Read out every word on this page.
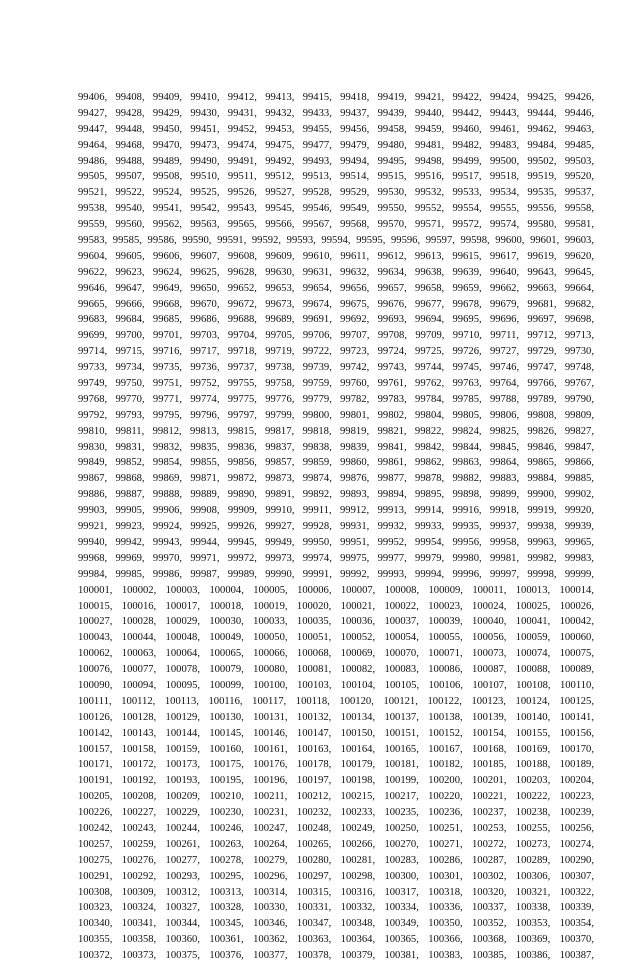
99406, 99408, 99409, 99410, 99412, 99413, 99415, 99418, 99419, 99421, 99422, 99424, 99425, 99426,
99427, 99428, 99429, 99430, 99431, 99432, 99433, 99437, 99439, 99440, 99442, 99443, 99444, 99446,
99447, 99448, 99450, 99451, 99452, 99453, 99455, 99456, 99458, 99459, 99460, 99461, 99462, 99463,
99464, 99468, 99470, 99473, 99474, 99475, 99477, 99479, 99480, 99481, 99482, 99483, 99484, 99485,
99486, 99488, 99489, 99490, 99491, 99492, 99493, 99494, 99495, 99498, 99499, 99500, 99502, 99503,
99505, 99507, 99508, 99510, 99511, 99512, 99513, 99514, 99515, 99516, 99517, 99518, 99519, 99520,
99521, 99522, 99524, 99525, 99526, 99527, 99528, 99529, 99530, 99532, 99533, 99534, 99535, 99537,
99538, 99540, 99541, 99542, 99543, 99545, 99546, 99549, 99550, 99552, 99554, 99555, 99556, 99558,
99559, 99560, 99562, 99563, 99565, 99566, 99567, 99568, 99570, 99571, 99572, 99574, 99580, 99581,
99583, 99585, 99586, 99590, 99591, 99592, 99593, 99594, 99595, 99596, 99597, 99598, 99600, 99601, 99603,
99604, 99605, 99606, 99607, 99608, 99609, 99610, 99611, 99612, 99613, 99615, 99617, 99619, 99620,
99622, 99623, 99624, 99625, 99628, 99630, 99631, 99632, 99634, 99638, 99639, 99640, 99643, 99645,
99646, 99647, 99649, 99650, 99652, 99653, 99654, 99656, 99657, 99658, 99659, 99662, 99663, 99664,
99665, 99666, 99668, 99670, 99672, 99673, 99674, 99675, 99676, 99677, 99678, 99679, 99681, 99682,
99683, 99684, 99685, 99686, 99688, 99689, 99691, 99692, 99693, 99694, 99695, 99696, 99697, 99698,
99699, 99700, 99701, 99703, 99704, 99705, 99706, 99707, 99708, 99709, 99710, 99711, 99712, 99713,
99714, 99715, 99716, 99717, 99718, 99719, 99722, 99723, 99724, 99725, 99726, 99727, 99729, 99730,
99733, 99734, 99735, 99736, 99737, 99738, 99739, 99742, 99743, 99744, 99745, 99746, 99747, 99748,
99749, 99750, 99751, 99752, 99755, 99758, 99759, 99760, 99761, 99762, 99763, 99764, 99766, 99767,
99768, 99770, 99771, 99774, 99775, 99776, 99779, 99782, 99783, 99784, 99785, 99788, 99789, 99790,
99792, 99793, 99795, 99796, 99797, 99799, 99800, 99801, 99802, 99804, 99805, 99806, 99808, 99809,
99810, 99811, 99812, 99813, 99815, 99817, 99818, 99819, 99821, 99822, 99824, 99825, 99826, 99827,
99830, 99831, 99832, 99835, 99836, 99837, 99838, 99839, 99841, 99842, 99844, 99845, 99846, 99847,
99849, 99852, 99854, 99855, 99856, 99857, 99859, 99860, 99861, 99862, 99863, 99864, 99865, 99866,
99867, 99868, 99869, 99871, 99872, 99873, 99874, 99876, 99877, 99878, 99882, 99883, 99884, 99885,
99886, 99887, 99888, 99889, 99890, 99891, 99892, 99893, 99894, 99895, 99898, 99899, 99900, 99902,
99903, 99905, 99906, 99908, 99909, 99910, 99911, 99912, 99913, 99914, 99916, 99918, 99919, 99920,
99921, 99923, 99924, 99925, 99926, 99927, 99928, 99931, 99932, 99933, 99935, 99937, 99938, 99939,
99940, 99942, 99943, 99944, 99945, 99949, 99950, 99951, 99952, 99954, 99956, 99958, 99963, 99965,
99968, 99969, 99970, 99971, 99972, 99973, 99974, 99975, 99977, 99979, 99980, 99981, 99982, 99983,
99984, 99985, 99986, 99987, 99989, 99990, 99991, 99992, 99993, 99994, 99996, 99997, 99998, 99999,
100001, 100002, 100003, 100004, 100005, 100006, 100007, 100008, 100009, 100011, 100013, 100014,
100015, 100016, 100017, 100018, 100019, 100020, 100021, 100022, 100023, 100024, 100025, 100026,
100027, 100028, 100029, 100030, 100033, 100035, 100036, 100037, 100039, 100040, 100041, 100042,
100043, 100044, 100048, 100049, 100050, 100051, 100052, 100054, 100055, 100056, 100059, 100060,
100062, 100063, 100064, 100065, 100066, 100068, 100069, 100070, 100071, 100073, 100074, 100075,
100076, 100077, 100078, 100079, 100080, 100081, 100082, 100083, 100086, 100087, 100088, 100089,
100090, 100094, 100095, 100099, 100100, 100103, 100104, 100105, 100106, 100107, 100108, 100110,
100111, 100112, 100113, 100116, 100117, 100118, 100120, 100121, 100122, 100123, 100124, 100125,
100126, 100128, 100129, 100130, 100131, 100132, 100134, 100137, 100138, 100139, 100140, 100141,
100142, 100143, 100144, 100145, 100146, 100147, 100150, 100151, 100152, 100154, 100155, 100156,
100157, 100158, 100159, 100160, 100161, 100163, 100164, 100165, 100167, 100168, 100169, 100170,
100171, 100172, 100173, 100175, 100176, 100178, 100179, 100181, 100182, 100185, 100188, 100189,
100191, 100192, 100193, 100195, 100196, 100197, 100198, 100199, 100200, 100201, 100203, 100204,
100205, 100208, 100209, 100210, 100211, 100212, 100215, 100217, 100220, 100221, 100222, 100223,
100226, 100227, 100229, 100230, 100231, 100232, 100233, 100235, 100236, 100237, 100238, 100239,
100242, 100243, 100244, 100246, 100247, 100248, 100249, 100250, 100251, 100253, 100255, 100256,
100257, 100259, 100261, 100263, 100264, 100265, 100266, 100270, 100271, 100272, 100273, 100274,
100275, 100276, 100277, 100278, 100279, 100280, 100281, 100283, 100286, 100287, 100289, 100290,
100291, 100292, 100293, 100295, 100296, 100297, 100298, 100300, 100301, 100302, 100306, 100307,
100308, 100309, 100312, 100313, 100314, 100315, 100316, 100317, 100318, 100320, 100321, 100322,
100323, 100324, 100327, 100328, 100330, 100331, 100332, 100334, 100336, 100337, 100338, 100339,
100340, 100341, 100344, 100345, 100346, 100347, 100348, 100349, 100350, 100352, 100353, 100354,
100355, 100358, 100360, 100361, 100362, 100363, 100364, 100365, 100366, 100368, 100369, 100370,
100372, 100373, 100375, 100376, 100377, 100378, 100379, 100381, 100383, 100385, 100386, 100387,
